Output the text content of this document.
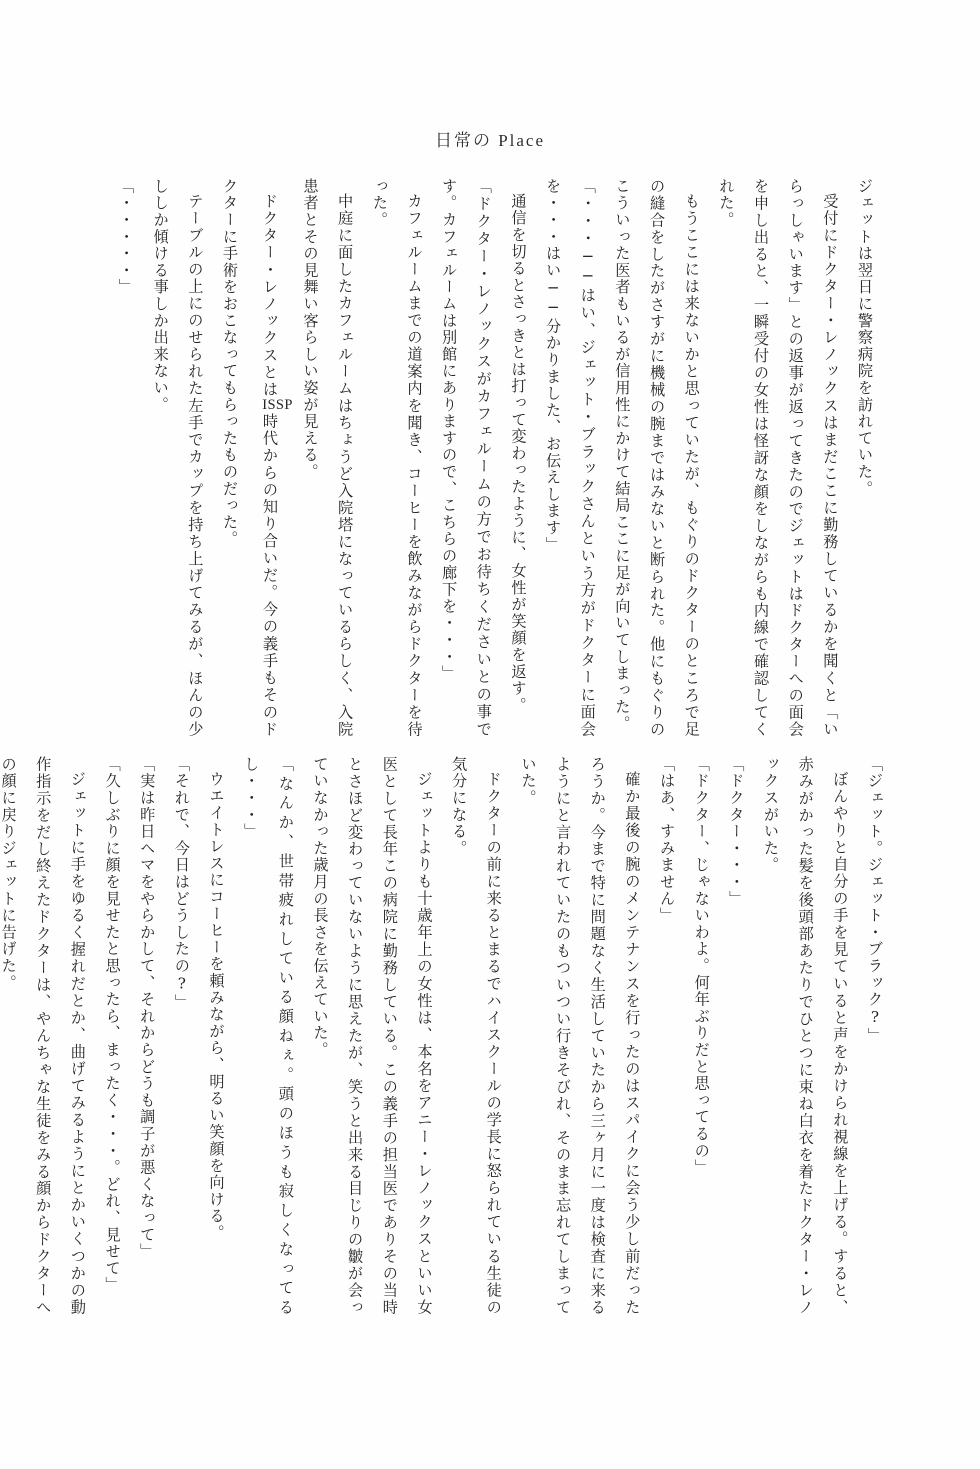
日常の Place

ジェットは翌日に警察病院を訪れていた。

受付にドクター・レノックスはまだここに勤務しているかを聞くと「いらっしゃいます」との返事が返ってきたのでジェットはドクターへの面会を申し出ると、一瞬受付の女性は怪訝な顔をしながらも内線で確認してくれた。

もうここには来ないかと思っていたが、もぐりのドクターのところで足の縫合をしたがさすがに機械の腕まではみないと断られた。他にもぐりのこういった医者もいるが信用性にかけて結局ここに足が向いてしまった。

「・・・──はい、ジェット・ブラックさんという方がドクターに面会を・・・はい──分かりました、お伝えします」

通信を切るとさっきとは打って変わったように、女性が笑顔を返す。

「ドクター・レノックスがカフェルームの方でお待ちくださいとの事です。カフェルームは別館にありますので、こちらの廊下を・・・」

カフェルームまでの道案内を聞き、コーヒーを飲みながらドクターを待った。

中庭に面したカフェルームはちょうど入院塔になっているらしく、入院患者とその見舞い客らしい姿が見える。

ドクター・レノックスとはISSP時代からの知り合いだ。今の義手もそのドクターに手術をおこなってもらったものだった。

テーブルの上にのせられた左手でカップを持ち上げてみるが、ほんの少ししか傾ける事しか出来ない。

「・・・・・」

「ジェット。ジェット・ブラック?」

ぼんやりと自分の手を見ていると声をかけられ視線を上げる。すると、赤みがかった髪を後頭部あたりでひとつに束ね白衣を着たドクター・レノックスがいた。

「ドクター・・・」

「ドクター、じゃないわよ。何年ぶりだと思ってるの」

「はあ、すみません」

確か最後の腕のメンテナンスを行ったのはスパイクに会う少し前だったろうか。今まで特に問題なく生活していたから三ヶ月に一度は検査に来るようにと言われていたのもついつい行きそびれ、そのまま忘れてしまっていた。

ドクターの前に来るとまるでハイスクールの学長に怒られている生徒の気分になる。

ジェットよりも十歳年上の女性は、本名をアニー・レノックスといい女医として長年この病院に勤務している。この義手の担当医でありその当時とさほど変わっていないように思えたが、笑うと出来る目じりの皺が会っていなかった歳月の長さを伝えていた。

「なんか、世帯疲れしている顔ねぇ。頭のほうも寂しくなってるし・・・」

ウエイトレスにコーヒーを頼みながら、明るい笑顔を向ける。

「それで、今日はどうしたの?」

「実は昨日ヘマをやらかして、それからどうも調子が悪くなって」

「久しぶりに顔を見せたと思ったら、まったく・・・。どれ、見せて」

ジェットに手をゆるく握れだとか、曲げてみるようにとかいくつかの動作指示をだし終えたドクターは、やんちゃな生徒をみる顔からドクターへの顔に戻りジェットに告げた。
